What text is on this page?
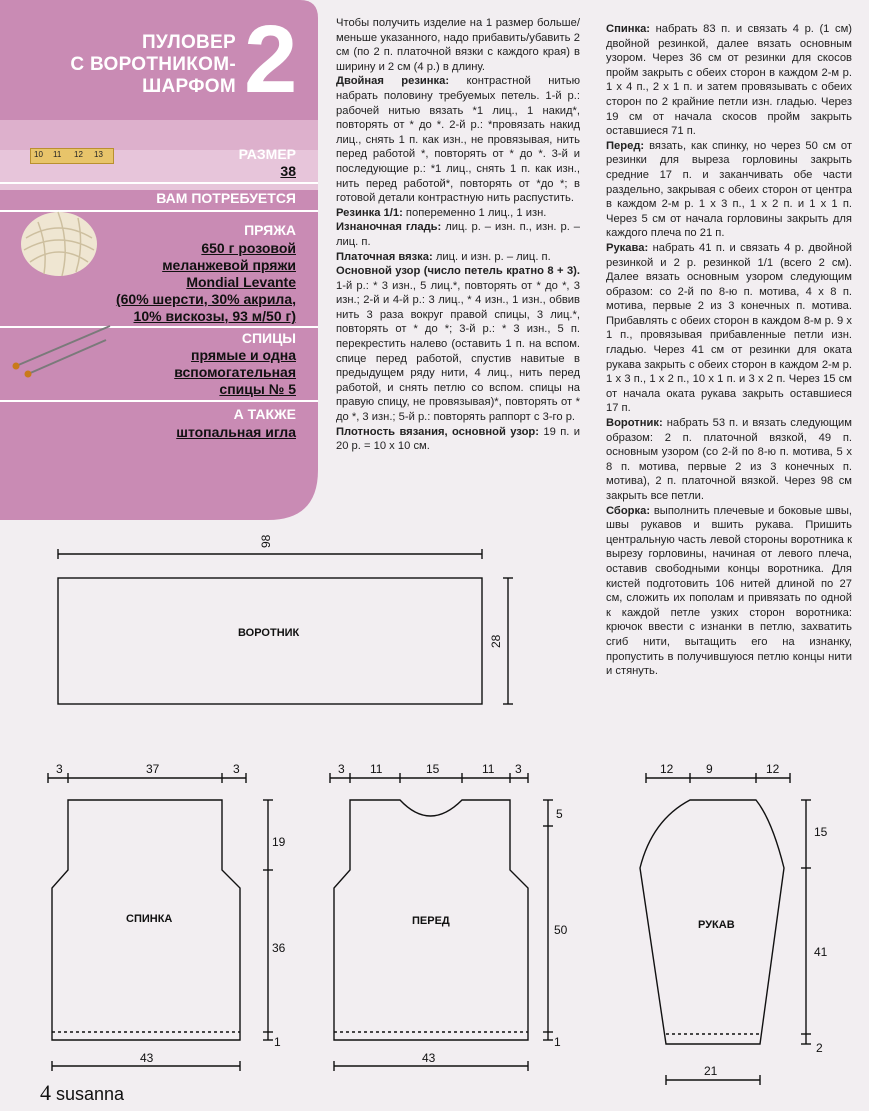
ПУЛОВЕР
С ВОРОТНИКОМ-
ШАРФОМ 2
10 11 12 13	РАЗМЕР
38
ВАМ ПОТРЕБУЕТСЯ
ПРЯЖА
650 г розовой
меланжевой пряжи
Mondial Levante
(60% шерсти, 30% акрила,
10% вискозы, 93 м/50 г)
СПИЦЫ
прямые и одна
вспомогательная
спицы № 5
А ТАКЖЕ
штопальная игла

Чтобы получить изделие на 1 размер больше/меньше указанного, надо прибавить/убавить 2 см (по 2 п. платочной вязки с каждого края) в ширину и 2 см (4 р.) в длину.

Двойная резинка: контрастной нитью набрать половину требуемых петель. 1-й р.: рабочей нитью вязать *1 лиц., 1 накид*, повторять от * до *. 2-й р.: *провязать накид лиц., снять 1 п. как изн., не провязывая, нить перед работой *, повторять от * до *. 3-й и последующие р.: *1 лиц., снять 1 п. как изн., нить перед работой*, повторять от *до *; в готовой детали контрастную нить распустить.

Резинка 1/1: попеременно 1 лиц., 1 изн.

Изнаночная гладь: лиц. р. – изн. п., изн. р. – лиц. п.

Платочная вязка: лиц. и изн. р. – лиц. п.

Основной узор (число петель кратно 8 + 3). 1-й р.: * 3 изн., 5 лиц.*, повторять от * до *, 3 изн.; 2-й и 4-й р.: 3 лиц., * 4 изн., 1 изн., обвив нить 3 раза вокруг правой спицы, 3 лиц.*, повторять от * до *; 3-й р.: * 3 изн., 5 п. перекрестить налево (оставить 1 п. на вспом. спице перед работой, спустив навитые в предыдущем ряду нити, 4 лиц., нить перед работой, и снять петлю со вспом. спицы на правую спицу, не провязывая)*, повторять от * до *, 3 изн.; 5-й р.: повторять раппорт с 3-го р.

Плотность вязания, основной узор: 19 п. и 20 р. = 10 х 10 см.

Спинка: набрать 83 п. и связать 4 р. (1 см) двойной резинкой, далее вязать основным узором. Через 36 см от резинки для скосов пройм закрыть с обеих сторон в каждом 2-м р. 1 х 4 п., 2 х 1 п. и затем провязывать с обеих сторон по 2 крайние петли изн. гладью. Через 19 см от начала скосов пройм закрыть оставшиеся 71 п.

Перед: вязать, как спинку, но через 50 см от резинки для выреза горловины закрыть средние 17 п. и заканчивать обе части раздельно, закрывая с обеих сторон от центра в каждом 2-м р. 1 х 3 п., 1 х 2 п. и 1 х 1 п. Через 5 см от начала горловины закрыть для каждого плеча по 21 п.

Рукава: набрать 41 п. и связать 4 р. двойной резинкой и 2 р. резинкой 1/1 (всего 2 см). Далее вязать основным узором следующим образом: со 2-й по 8-ю п. мотива, 4 х 8 п. мотива, первые 2 из 3 конечных п. мотива. Прибавлять с обеих сторон в каждом 8-м р. 9 х 1 п., провязывая прибавленные петли изн. гладью. Через 41 см от резинки для оката рукава закрыть с обеих сторон в каждом 2-м р. 1 х 3 п., 1 х 2 п., 10 х 1 п. и 3 х 2 п. Через 15 см от начала оката рукава закрыть оставшиеся 17 п.

Воротник: набрать 53 п. и вязать следующим образом: 2 п. платочной вязкой, 49 п. основным узором (со 2-й по 8-ю п. мотива, 5 х 8 п. мотива, первые 2 из 3 конечных п. мотива), 2 п. платочной вязкой. Через 98 см закрыть все петли.

Сборка: выполнить плечевые и боковые швы, швы рукавов и вшить рукава. Пришить центральную часть левой стороны воротника к вырезу горловины, начиная от левого плеча, оставив свободными концы воротника. Для кистей подготовить 106 нитей длиной по 27 см, сложить их пополам и привязать по одной к каждой петле узких сторон воротника: крючок ввести с изнанки в петлю, захватить сгиб нити, вытащить его на изнанку, пропустить в получившуюся петлю концы нити и стянуть.

ВОРОТНИК
98
28
3	37	3
19
36
1
43
СПИНКА
3 11	15	11 3
5
50
1
43
ПЕРЕД
12	9	12
15
41
2
21
РУКАВ
4 susanna
